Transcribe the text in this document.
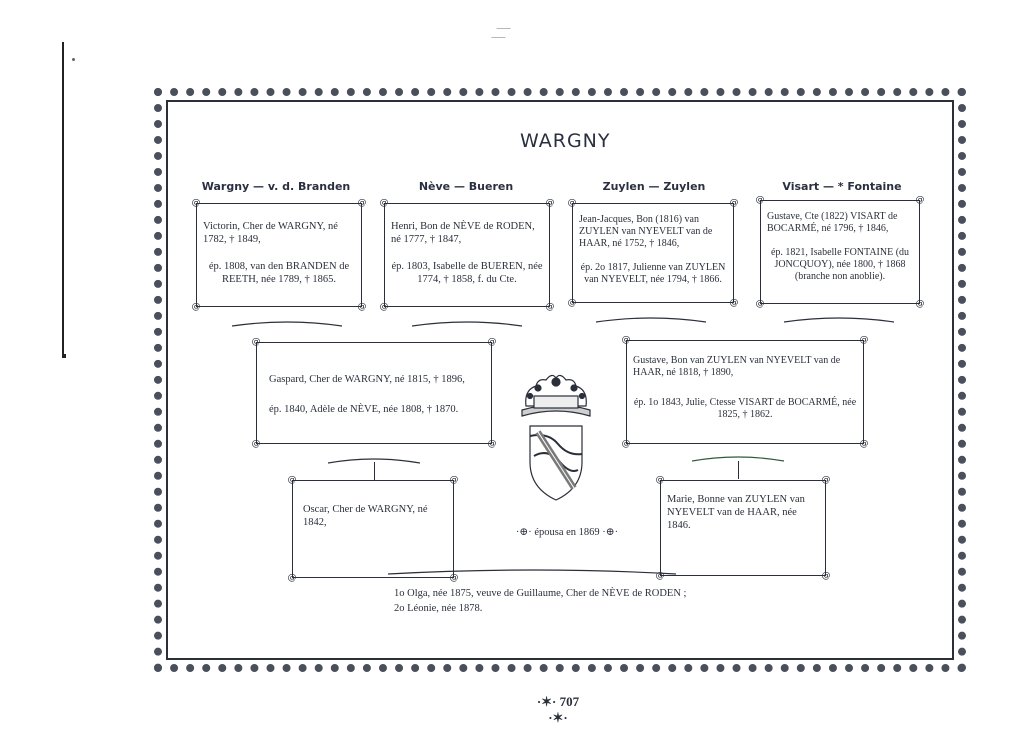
WARGNY
Wargny — v. d. Branden	Nève — Bueren	Zuylen — Zuylen	Visart — * Fontaine
@	@
@	@
Victorin, Cher de WARGNY, né 1782, † 1849,
ép. 1808, van den BRANDEN de REETH, née 1789, † 1865.
@	@
@	@
Henri, Bon de NÈVE de RODEN, né 1777, † 1847,
ép. 1803, Isabelle de BUEREN, née 1774, † 1858, f. du Cte.
@	@
@	@
Jean-Jacques, Bon (1816) van ZUYLEN van NYEVELT van de HAAR, né 1752, † 1846,
ép. 2o 1817, Julienne van ZUYLEN van NYEVELT, née 1794, † 1866.
@	@
@	@
Gustave, Cte (1822) VISART de BOCARMÉ, né 1796, † 1846,
ép. 1821, Isabelle FONTAINE (du JONCQUOY), née 1800, † 1868 (branche non anoblie).
@	@
@	@
Gaspard, Cher de WARGNY, né 1815, † 1896,
ép. 1840, Adèle de NÈVE, née 1808, † 1870.
@	@
@	@
Gustave, Bon van ZUYLEN van NYEVELT van de HAAR, né 1818, † 1890,
ép. 1o 1843, Julie, Ctesse VISART de BOCARMÉ, née 1825, † 1862.
@	@
@	@
Oscar, Cher de WARGNY, né 1842,
@	@
@	@
Marie, Bonne van ZUYLEN van NYEVELT van de HAAR, née 1846.
·⊕· épousa en 1869 ·⊕·
1o Olga, née 1875, veuve de Guillaume, Cher de NÈVE de RODEN ;
2o Léonie, née 1878.
·✶· 707 ·✶·
